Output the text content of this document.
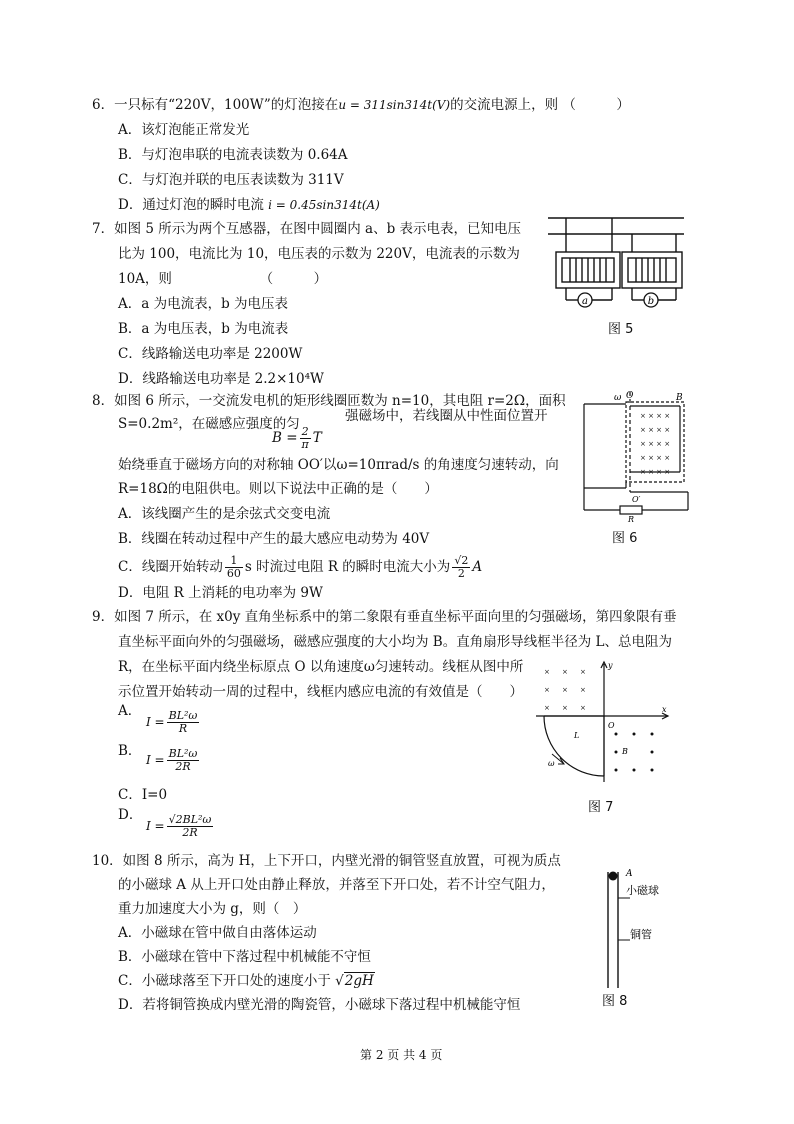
6．一只标有“220V，100W”的灯泡接在u = 311sin314t(V)的交流电源上，则 （　　　）
A．该灯泡能正常发光
B．与灯泡串联的电流表读数为 0.64A
C．与灯泡并联的电压表读数为 311V
D．通过灯泡的瞬时电流 i = 0.45sin314t(A)
7．如图 5 所示为两个互感器，在图中圆圈内 a、b 表示电表，已知电压
比为 100，电流比为 10，电压表的示数为 220V，电流表的示数为
10A，则　　　　　　　（　　　）
A．a 为电流表，b 为电压表
B．a 为电压表，b 为电流表
C．线路输送电功率是 2200W
D．线路输送电功率是 2.2×10⁴W
a	b
图 5
8．如图 6 所示，一交流发电机的矩形线圈匝数为 n=10，其电阻 r=2Ω，面积
S=0.2m²，在磁感应强度的匀
$B = \frac{2}{\pi}$ T
强磁场中，若线圈从中性面位置开
始绕垂直于磁场方向的对称轴 OO′以ω=10πrad/s 的角速度匀速转动，向
R=18Ω的电阻供电。则以下说法中正确的是（　　）
A．该线圈产生的是余弦式交变电流
B．线圈在转动过程中产生的最大感应电动势为 40V
C．线圈开始转动 $\frac{1}{60}$ s 时流过电阻 R 的瞬时电流大小为 $\frac{√2}{2}$ A
D．电阻 R 上消耗的电功率为 9W
× × × ×
× × × ×
× × × ×
× × × ×
× × × ×
O
ω	B
O′
R
图 6
9．如图 7 所示，在 x0y 直角坐标系中的第二象限有垂直坐标平面向里的匀强磁场，第四象限有垂
直坐标平面向外的匀强磁场，磁感应强度的大小均为 B。直角扇形导线框半径为 L、总电阻为
R，在坐标平面内绕坐标原点 O 以角速度ω匀速转动。线框从图中所
示位置开始转动一周的过程中，线框内感应电流的有效值是（　　）
A．
$I = \frac{\text{BL²ω}}{R}$
B．
$I = \frac{\text{BL²ω}}{2R}$
C．I=0
D．
$I = \frac{\text{√2BL²ω}}{2R}$
× × ×
× × ×
× × ×
y
x
O
L
B
ω
图 7
10．如图 8 所示，高为 H，上下开口，内壁光滑的铜管竖直放置，可视为质点
的小磁球 A 从上开口处由静止释放，并落至下开口处，若不计空气阻力，
重力加速度大小为 g，则（　）
A．小磁球在管中做自由落体运动
B．小磁球在管中下落过程中机械能不守恒
C．小磁球落至下开口处的速度小于 √2gH
D．若将铜管换成内壁光滑的陶瓷管，小磁球下落过程中机械能守恒
A
小磁球
铜管
图 8
第 2 页 共 4 页
